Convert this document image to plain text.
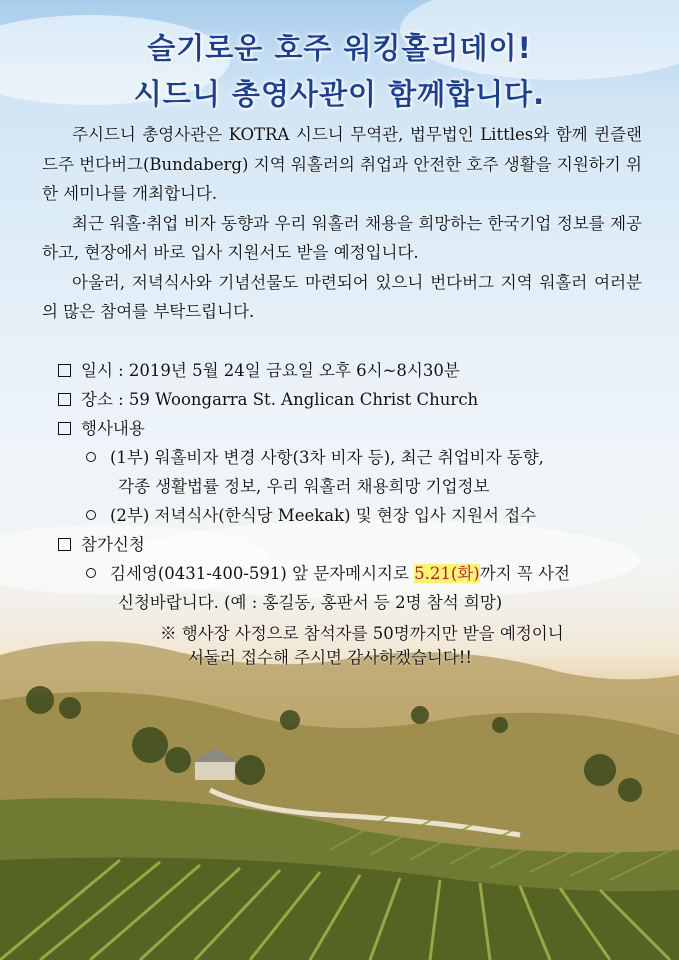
슬기로운 호주 워킹홀리데이!
시드니 총영사관이 함께합니다.
주시드니 총영사관은 KOTRA 시드니 무역관, 법무법인 Littles와 함께 퀸즐랜드주 번다버그(Bundaberg) 지역 워홀러의 취업과 안전한 호주 생활을 지원하기 위한 세미나를 개최합니다.
최근 워홀·취업 비자 동향과 우리 워홀러 채용을 희망하는 한국기업 정보를 제공하고, 현장에서 바로 입사 지원서도 받을 예정입니다.
아울러, 저녁식사와 기념선물도 마련되어 있으니 번다버그 지역 워홀러 여러분의 많은 참여를 부탁드립니다.
일시 : 2019년 5월 24일 금요일 오후 6시~8시30분
장소 : 59 Woongarra St. Anglican Christ Church
행사내용
(1부) 워홀비자 변경 사항(3차 비자 등), 최근 취업비자 동향,
각종 생활법률 정보, 우리 워홀러 채용희망 기업정보
(2부) 저녁식사(한식당 Meekak) 및 현장 입사 지원서 접수
참가신청
김세영(0431-400-591) 앞 문자메시지로 5.21(화)까지 꼭 사전
신청바랍니다. (예 : 홍길동, 홍판서 등 2명 참석 희망)
※ 행사장 사정으로 참석자를 50명까지만 받을 예정이니
서둘러 접수해 주시면 감사하겠습니다!!
